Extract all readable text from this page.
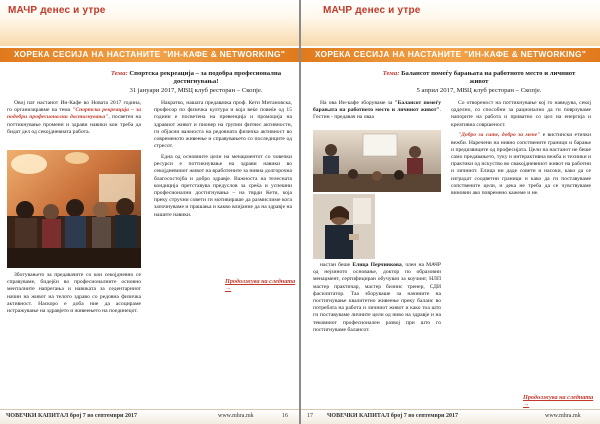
МАЧР денес и утре
ХОРЕКА СЕСИЈА НА НАСТАНИТЕ "ИН-КАФЕ & NETWORKING"
Тема: Спортска рекреација – за подобра професионална достигнувања!
31 јануари 2017, МВЦ клуб ресторан – Скопје.

Овој пат настанот Ин-Кафе во Новата 2017 година, го организиравме на тема "Спортска рекреација – за подобри професионални достигнувања", посветен на поттикнување промени и здрави навики кои треба да бидат дел од секојдневната работа.

Збогувањето за предавачите со кои секојдневно се справуваме, бидејќи во професионалните основно менталните напрегања и навиката за седентарниот начин на живот на телото здраво со редовна физичка активност. Наскоро е доба ние да асоцираме истражување на здравјето и живеењето на поединецот.

Накратко, нашата предавачка проф. Кети Митановска, професор по физичка култура и која веќе повеќе од 15 години е посветена на превенција и промоција на здравиот живот и пионер на групни фитнес активности, ги објасни важноста на редовната физичка активност во современото живеење и справувањето со последиците од стресот.

Една од основните цели на менаџментот со човечки ресурси е поттикнување на здрави навики во секојдневниот живот на вработените за нивна долгорочна благосостојба и добро здравје. Важноста на телесната кондиција претставува предуслов за среќа и успешни професионални достигнувања – на тврди Кети, која преку стручни совети ги мотивираше да размислиме кога започнуваме и прашања и какво влијание да на здравје на нашите навики.

Продолжува на следната →
ЧОВЕЧКИ КАПИТАЛ број 7 во септември 2017	www.mhra.mk	16
МАЧР денес и утре
ХОРЕКА СЕСИЈА НА НАСТАНИТЕ "ИН-КАФЕ & NETWORKING"
Тема: Балансот помеѓу барањата на работното место и личниот живот
5 април 2017, МВЦ клуб ресторан – Скопје.

На ова Ин-кафе зборуваме за "Балансот помеѓу барањата на работното место и личниот живот". Гостин - предавач на оваа

настан беше Елица Перчинкова, член на МАЧР од нејзиното основање, доктор по образовни менаџмент, сертифициран обучувач за коучинг, НЛП мастер практичар, мастер бизнис тренер, СДИ фасилитатор. Таа зборуваше за начините на постигнување квалитетно живеење преку баланс во потребата на работа и личниот живот и како тоа што ги поставуваме личните цели од ниво на здравје и на тековниот професионален развој при што го постигнуваме балансот.

Со отвореност на поттикнување кој го наведува, секој одделно, со способни за рационално да ги поврзуваме напорите на работа и приватно со цел на енергија и креативна совршеност.

"Добро за сите, добро за мене" е вистински етички вежби. Наречени на нивно сопствените граници и барање и предизвиците од професијата. Цели на настанот не беше само предавањето, туку и интерактивна вежба и техники и практики од искуство во свакојдневниот живот на работни и личниот. Елица ни даде совети и насоки, како да се изградат соодветни граници и како да ги поставуваме сопствените цели, и дека не треба да се чувствуваме виновни ако повремено кажеме и не.

Продолжува на следната →
17 ЧОВЕЧКИ КАПИТАЛ број 7 во септември 2017	www.mhra.mk
